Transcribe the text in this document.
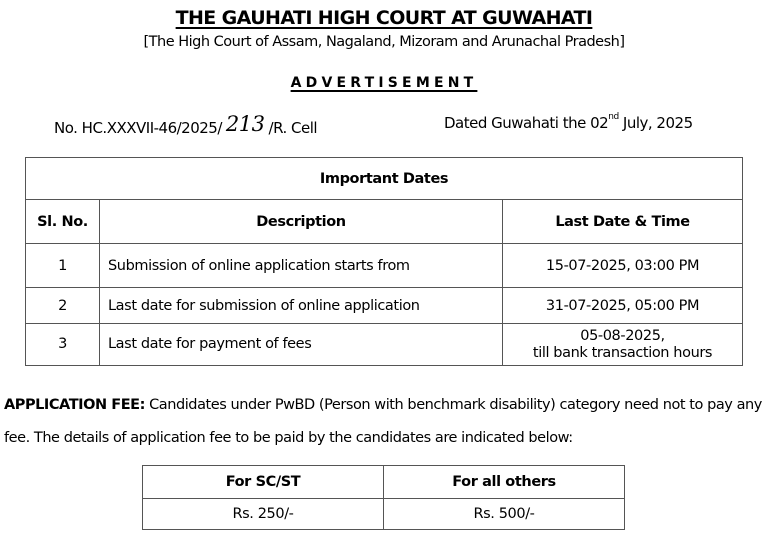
THE GAUHATI HIGH COURT AT GUWAHATI
[The High Court of Assam, Nagaland, Mizoram and Arunachal Pradesh]
ADVERTISEMENT
No. HC.XXXVII-46/2025/ 213 /R. Cell	Dated Guwahati the 02nd July, 2025
Important Dates		
Sl. No.	Description	Last Date & Time
1	Submission of online application starts from	15-07-2025, 03:00 PM
2	Last date for submission of online application	31-07-2025, 05:00 PM
3	Last date for payment of fees	05-08-2025,
till bank transaction hours
APPLICATION FEE: Candidates under PwBD (Person with benchmark disability) category need not to pay any fee. The details of application fee to be paid by the candidates are indicated below:
For SC/ST	For all others
Rs. 250/-	Rs. 500/-
